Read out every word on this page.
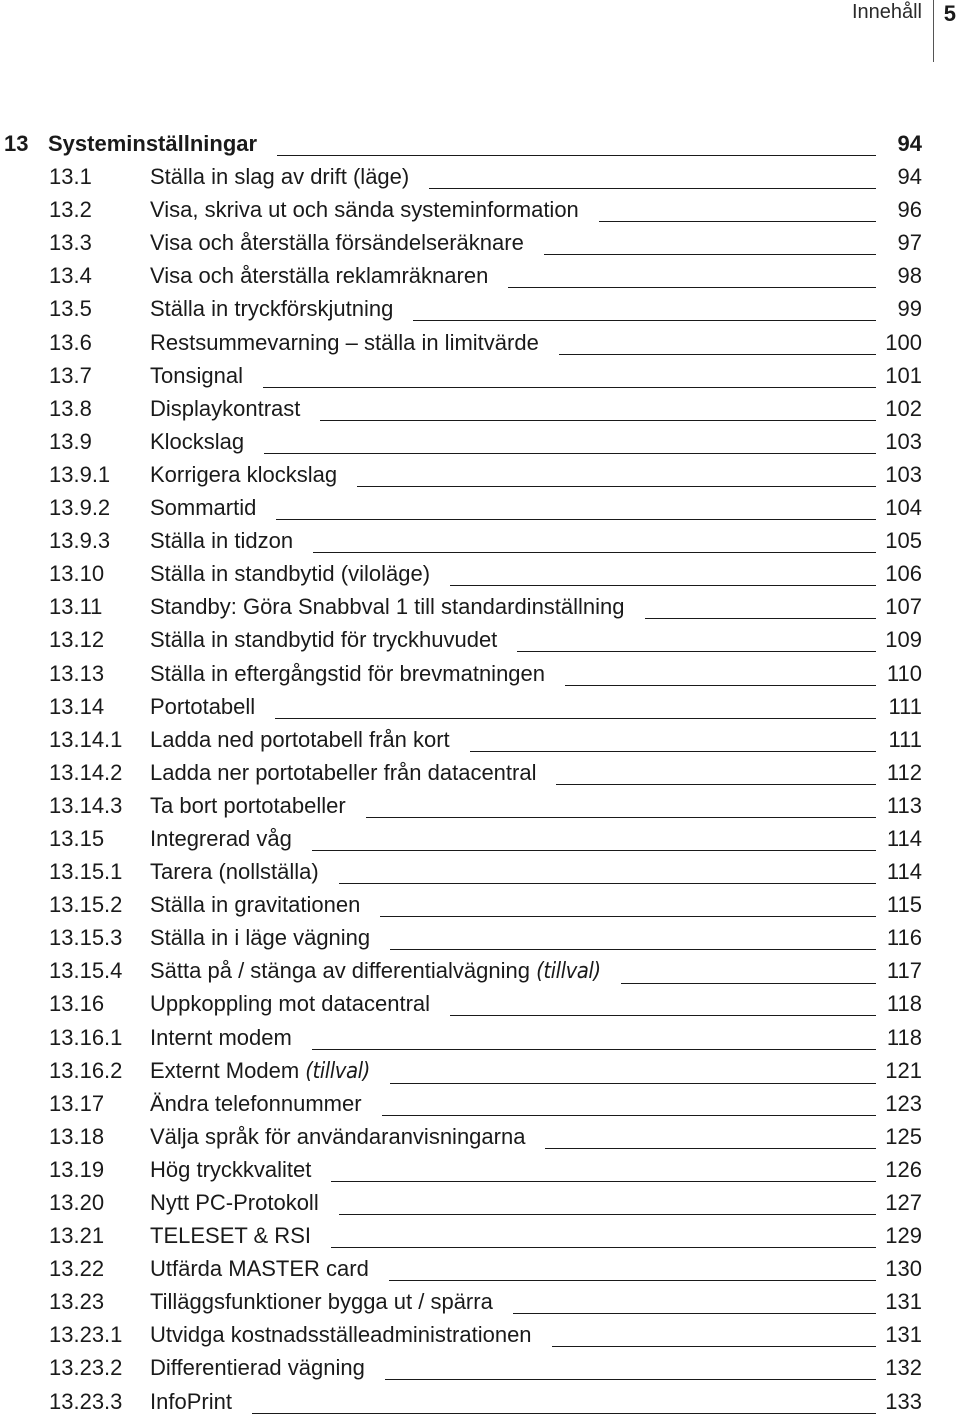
Innehåll 5
13 Systeminställningar	94
13.1	Ställa in slag av drift (läge)	94
13.2	Visa, skriva ut och sända systeminformation	96
13.3	Visa och återställa försändelseräknare	97
13.4	Visa och återställa reklamräknaren	98
13.5	Ställa in tryckförskjutning	99
13.6	Restsummevarning – ställa in limitvärde	100
13.7	Tonsignal	101
13.8	Displaykontrast	102
13.9	Klockslag	103
13.9.1 Korrigera klockslag	103
13.9.2 Sommartid	104
13.9.3 Ställa in tidzon	105
13.10 Ställa in standbytid (viloläge)	106
13.11 Standby: Göra Snabbval 1 till standardinställning	107
13.12 Ställa in standbytid för tryckhuvudet	109
13.13 Ställa in eftergångstid för brevmatningen	110
13.14 Portotabell	111
13.14.1 Ladda ned portotabell från kort	111
13.14.2 Ladda ner portotabeller från datacentral	112
13.14.3 Ta bort portotabeller	113
13.15 Integrerad våg	114
13.15.1 Tarera (nollställa)	114
13.15.2 Ställa in gravitationen	115
13.15.3 Ställa in i läge vägning	116
13.15.4 Sätta på / stänga av differentialvägning (tillval)	117
13.16 Uppkoppling mot datacentral	118
13.16.1 Internt modem	118
13.16.2 Externt Modem (tillval)	121
13.17 Ändra telefonnummer	123
13.18 Välja språk för användaranvisningarna	125
13.19 Hög tryckkvalitet	126
13.20 Nytt PC-Protokoll	127
13.21 TELESET & RSI	129
13.22 Utfärda MASTER card	130
13.23 Tilläggsfunktioner bygga ut / spärra	131
13.23.1 Utvidga kostnadsställeadministrationen	131
13.23.2 Differentierad vägning	132
13.23.3 InfoPrint	133
